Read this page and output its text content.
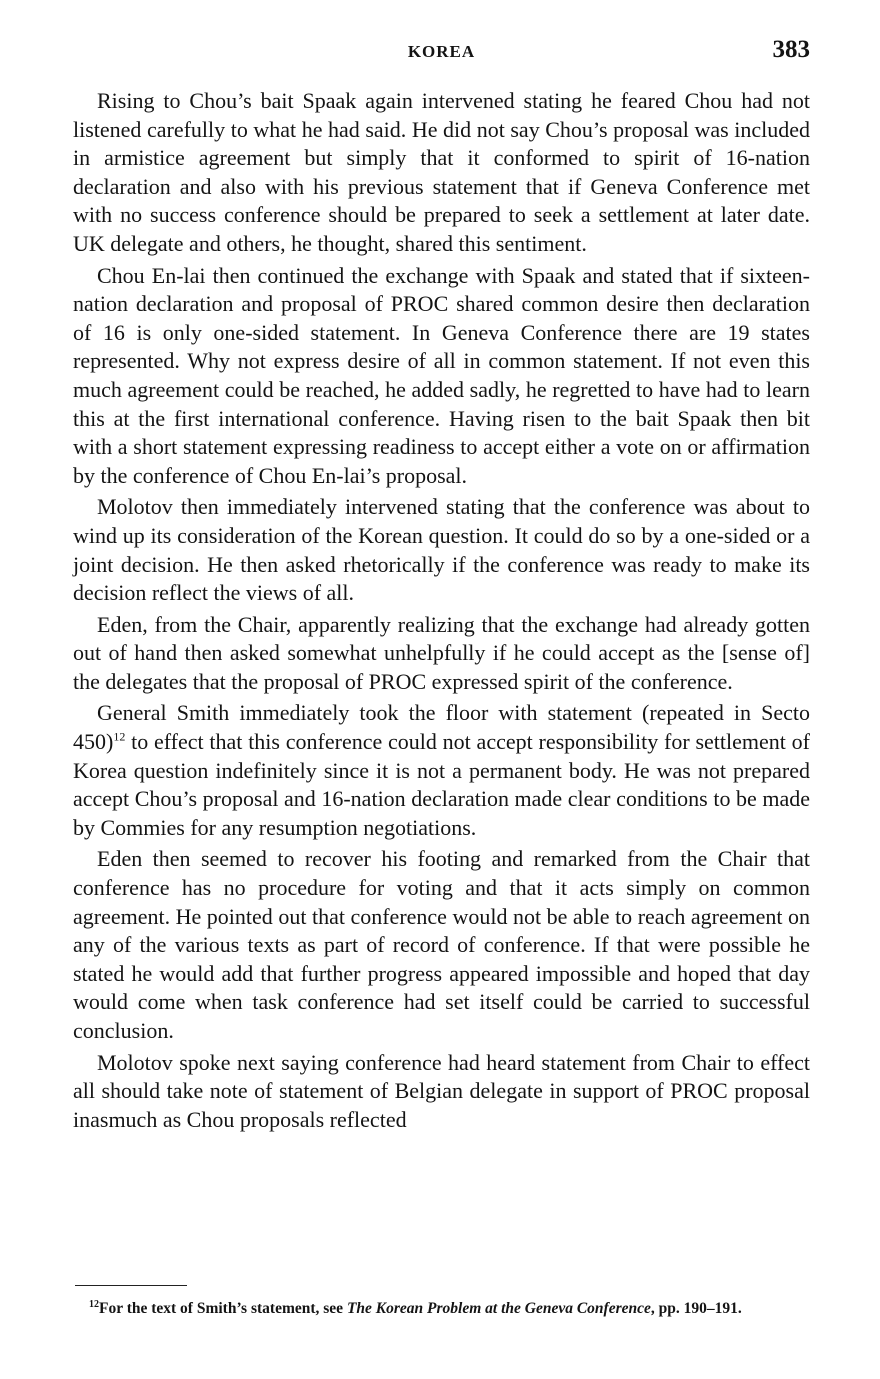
KOREA	383

Rising to Chou’s bait Spaak again intervened stating he feared Chou had not listened carefully to what he had said. He did not say Chou’s proposal was included in armistice agreement but simply that it conformed to spirit of 16-nation declaration and also with his previous statement that if Geneva Conference met with no success conference should be prepared to seek a settlement at later date. UK delegate and others, he thought, shared this sentiment.

Chou En-lai then continued the exchange with Spaak and stated that if sixteen-nation declaration and proposal of PROC shared common desire then declaration of 16 is only one-sided statement. In Geneva Conference there are 19 states represented. Why not express desire of all in common statement. If not even this much agreement could be reached, he added sadly, he regretted to have had to learn this at the first international conference. Having risen to the bait Spaak then bit with a short statement expressing readiness to accept either a vote on or affirmation by the conference of Chou En-lai’s proposal.

Molotov then immediately intervened stating that the conference was about to wind up its consideration of the Korean question. It could do so by a one-sided or a joint decision. He then asked rhetorically if the conference was ready to make its decision reflect the views of all.

Eden, from the Chair, apparently realizing that the exchange had already gotten out of hand then asked somewhat unhelpfully if he could accept as the [sense of] the delegates that the proposal of PROC expressed spirit of the conference.

General Smith immediately took the floor with statement (repeated in Secto 450)$^{12}$ to effect that this conference could not accept responsibility for settlement of Korea question indefinitely since it is not a permanent body. He was not prepared accept Chou’s proposal and 16-nation declaration made clear conditions to be made by Commies for any resumption negotiations.

Eden then seemed to recover his footing and remarked from the Chair that conference has no procedure for voting and that it acts simply on common agreement. He pointed out that conference would not be able to reach agreement on any of the various texts as part of record of conference. If that were possible he stated he would add that further progress appeared impossible and hoped that day would come when task conference had set itself could be carried to successful conclusion.

Molotov spoke next saying conference had heard statement from Chair to effect all should take note of statement of Belgian delegate in support of PROC proposal inasmuch as Chou proposals reflected

$^{12}$For the text of Smith’s statement, see The Korean Problem at the Geneva Conference, pp. 190–191.
